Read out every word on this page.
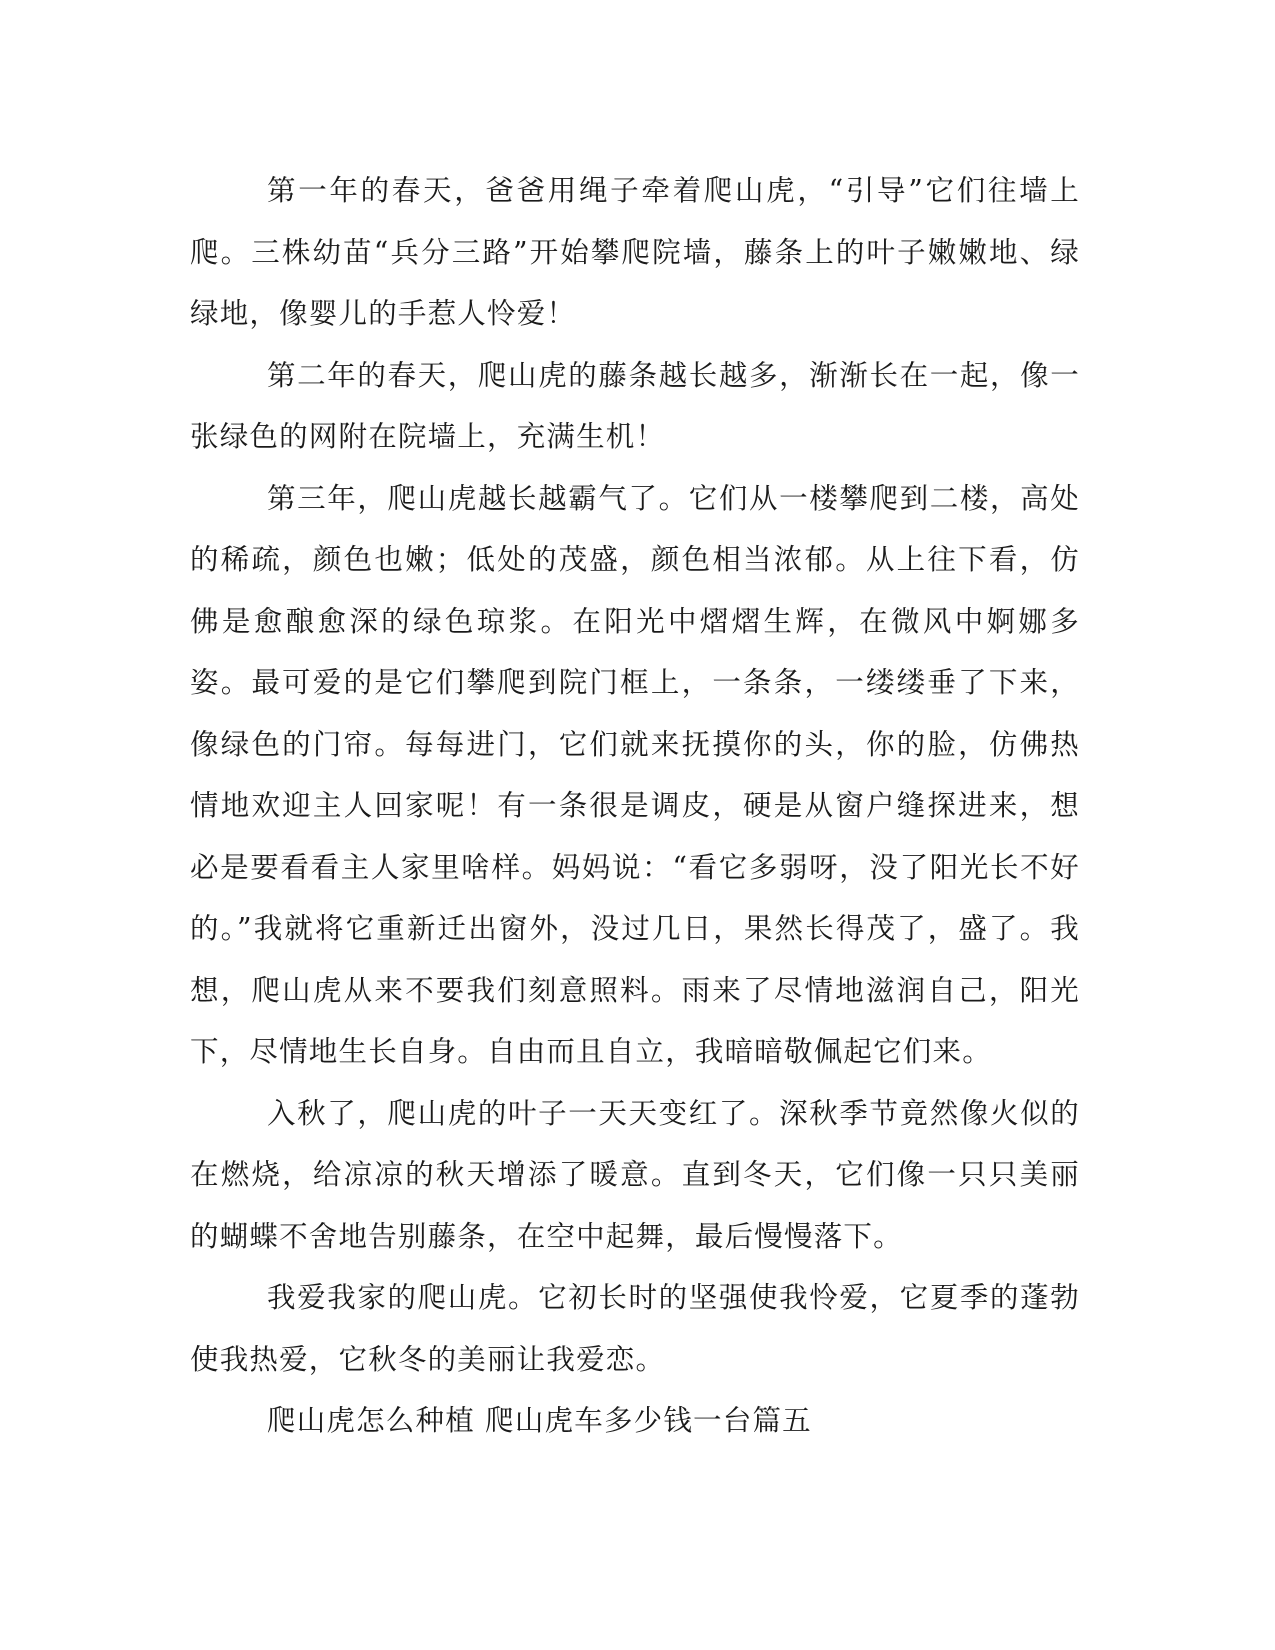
第一年的春天，爸爸用绳子牵着爬山虎，“引导”它们往墙上爬。三株幼苗“兵分三路”开始攀爬院墙，藤条上的叶子嫩嫩地、绿绿地，像婴儿的手惹人怜爱！

第二年的春天，爬山虎的藤条越长越多，渐渐长在一起，像一张绿色的网附在院墙上，充满生机！

第三年，爬山虎越长越霸气了。它们从一楼攀爬到二楼，高处的稀疏，颜色也嫩；低处的茂盛，颜色相当浓郁。从上往下看，仿佛是愈酿愈深的绿色琼浆。在阳光中熠熠生辉，在微风中婀娜多姿。最可爱的是它们攀爬到院门框上，一条条，一缕缕垂了下来，像绿色的门帘。每每进门，它们就来抚摸你的头，你的脸，仿佛热情地欢迎主人回家呢！有一条很是调皮，硬是从窗户缝探进来，想必是要看看主人家里啥样。妈妈说：“看它多弱呀，没了阳光长不好的。”我就将它重新迁出窗外，没过几日，果然长得茂了，盛了。我想，爬山虎从来不要我们刻意照料。雨来了尽情地滋润自己，阳光下，尽情地生长自身。自由而且自立，我暗暗敬佩起它们来。

入秋了，爬山虎的叶子一天天变红了。深秋季节竟然像火似的在燃烧，给凉凉的秋天增添了暖意。直到冬天，它们像一只只美丽的蝴蝶不舍地告别藤条，在空中起舞，最后慢慢落下。

我爱我家的爬山虎。它初长时的坚强使我怜爱，它夏季的蓬勃使我热爱，它秋冬的美丽让我爱恋。

爬山虎怎么种植 爬山虎车多少钱一台篇五
